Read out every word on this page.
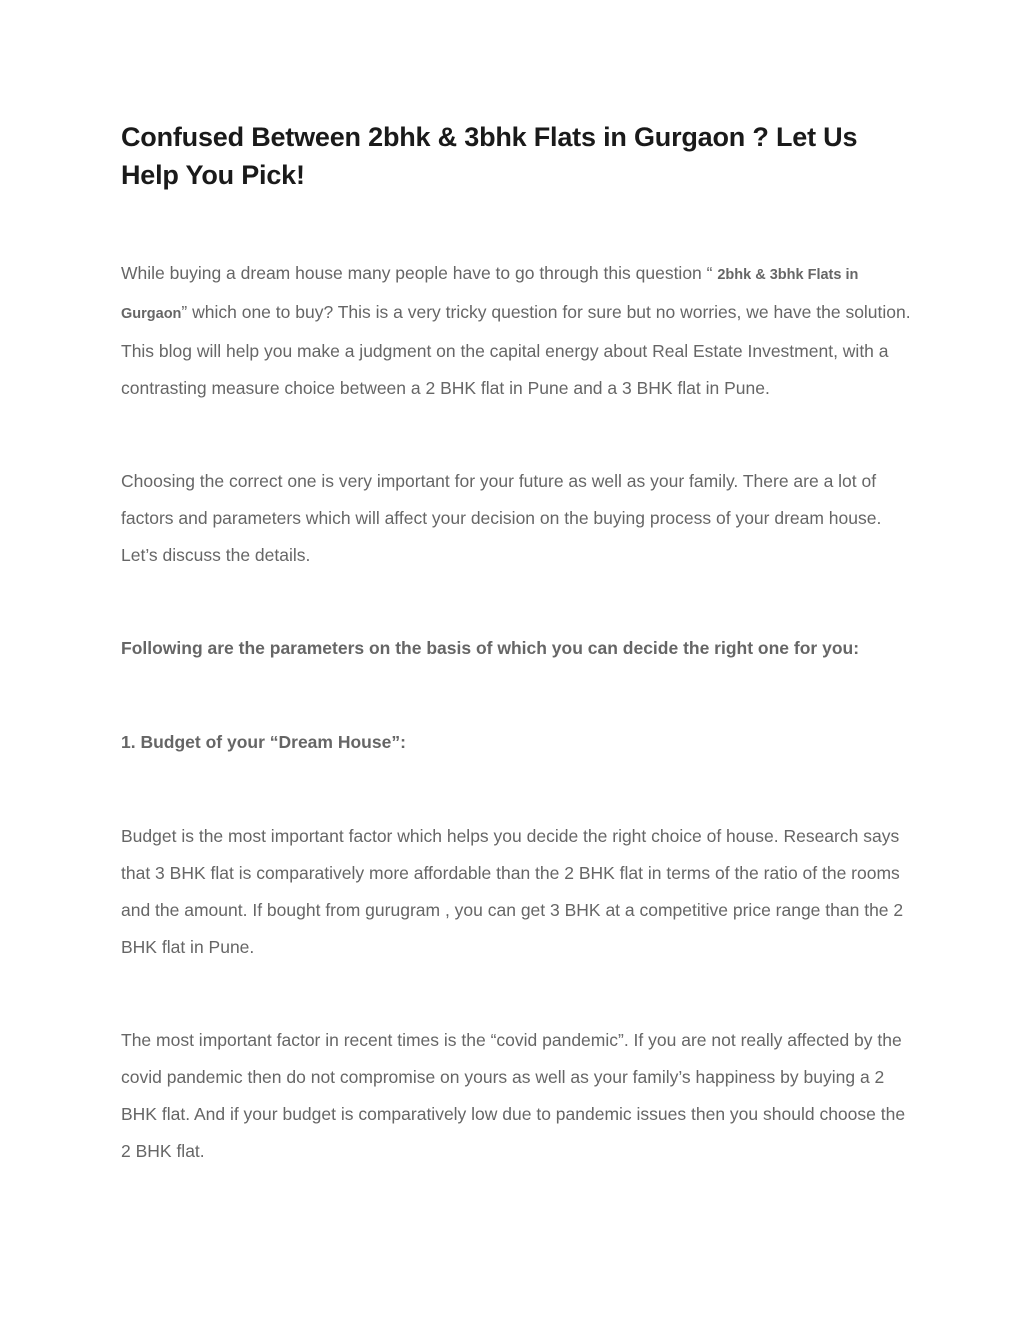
Confused Between 2bhk & 3bhk Flats in Gurgaon ? Let Us Help You Pick!

While buying a dream house many people have to go through this question “ 2bhk & 3bhk Flats in Gurgaon” which one to buy? This is a very tricky question for sure but no worries, we have the solution. This blog will help you make a judgment on the capital energy about Real Estate Investment, with a contrasting measure choice between a 2 BHK flat in Pune and a 3 BHK flat in Pune.

Choosing the correct one is very important for your future as well as your family. There are a lot of factors and parameters which will affect your decision on the buying process of your dream house. Let’s discuss the details.

Following are the parameters on the basis of which you can decide the right one for you:

1. Budget of your “Dream House”:

Budget is the most important factor which helps you decide the right choice of house. Research says that 3 BHK flat is comparatively more affordable than the 2 BHK flat in terms of the ratio of the rooms and the amount. If bought from gurugram , you can get 3 BHK at a competitive price range than the 2 BHK flat in Pune.

The most important factor in recent times is the “covid pandemic”. If you are not really affected by the covid pandemic then do not compromise on yours as well as your family’s happiness by buying a 2 BHK flat. And if your budget is comparatively low due to pandemic issues then you should choose the 2 BHK flat.
